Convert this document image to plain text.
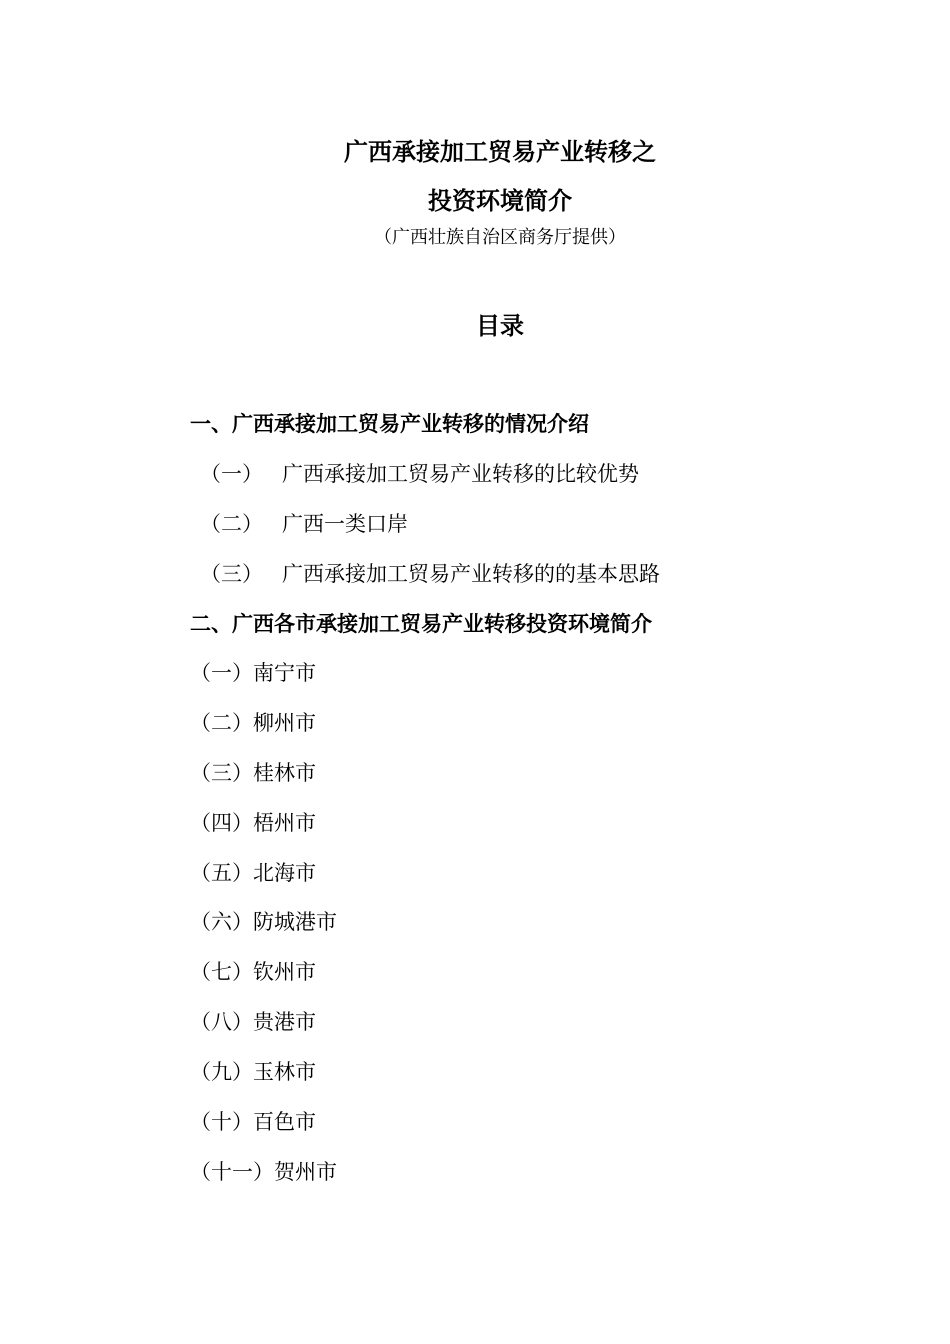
广西承接加工贸易产业转移之
投资环境简介
（广西壮族自治区商务厅提供）
目录
一、广西承接加工贸易产业转移的情况介绍
（一） 广西承接加工贸易产业转移的比较优势
（二） 广西一类口岸
（三） 广西承接加工贸易产业转移的的基本思路
二、广西各市承接加工贸易产业转移投资环境简介
（一）南宁市
（二）柳州市
（三）桂林市
（四）梧州市
（五）北海市
（六）防城港市
（七）钦州市
（八）贵港市
（九）玉林市
（十）百色市
（十一）贺州市
